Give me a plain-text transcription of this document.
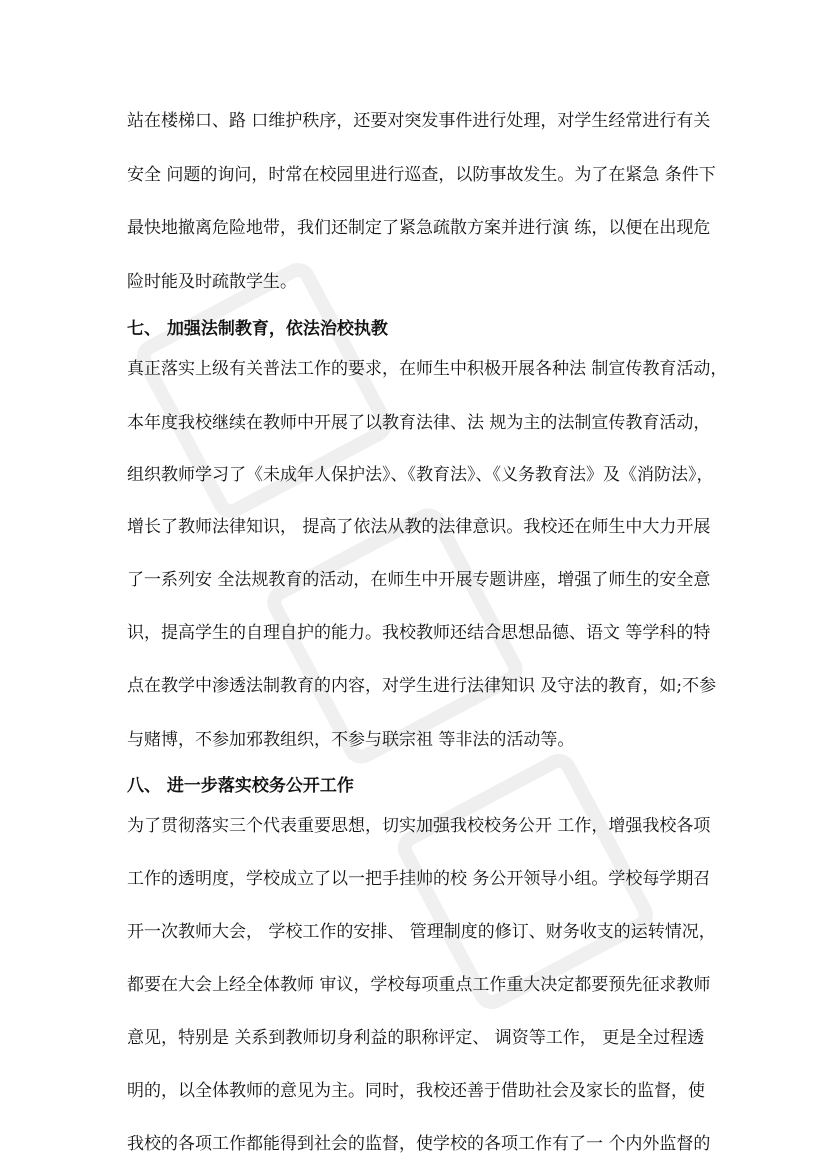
站在楼梯口、路 口维护秩序，还要对突发事件进行处理，对学生经常进行有关
安全 问题的询问，时常在校园里进行巡查，以防事故发生。为了在紧急 条件下
最快地撤离危险地带，我们还制定了紧急疏散方案并进行演 练，以便在出现危
险时能及时疏散学生。
七、 加强法制教育，依法治校执教
真正落实上级有关普法工作的要求，在师生中积极开展各种法 制宣传教育活动，
本年度我校继续在教师中开展了以教育法律、法 规为主的法制宣传教育活动，
组织教师学习了《未成年人保护法》、《教育法》、《义务教育法》及《消防法》，
增长了教师法律知识， 提高了依法从教的法律意识。我校还在师生中大力开展
了一系列安 全法规教育的活动，在师生中开展专题讲座，增强了师生的安全意
识，提高学生的自理自护的能力。我校教师还结合思想品德、语文 等学科的特
点在教学中渗透法制教育的内容，对学生进行法律知识 及守法的教育，如;不参
与赌博，不参加邪教组织，不参与联宗祖 等非法的活动等。
八、 进一步落实校务公开工作
为了贯彻落实三个代表重要思想，切实加强我校校务公开 工作，增强我校各项
工作的透明度，学校成立了以一把手挂帅的校 务公开领导小组。学校每学期召
开一次教师大会， 学校工作的安排、 管理制度的修订、财务收支的运转情况，
都要在大会上经全体教师 审议，学校每项重点工作重大决定都要预先征求教师
意见，特别是 关系到教师切身利益的职称评定、 调资等工作， 更是全过程透
明的，以全体教师的意见为主。同时，我校还善于借助社会及家长的监督，使
我校的各项工作都能得到社会的监督，使学校的各项工作有了一 个内外监督的
